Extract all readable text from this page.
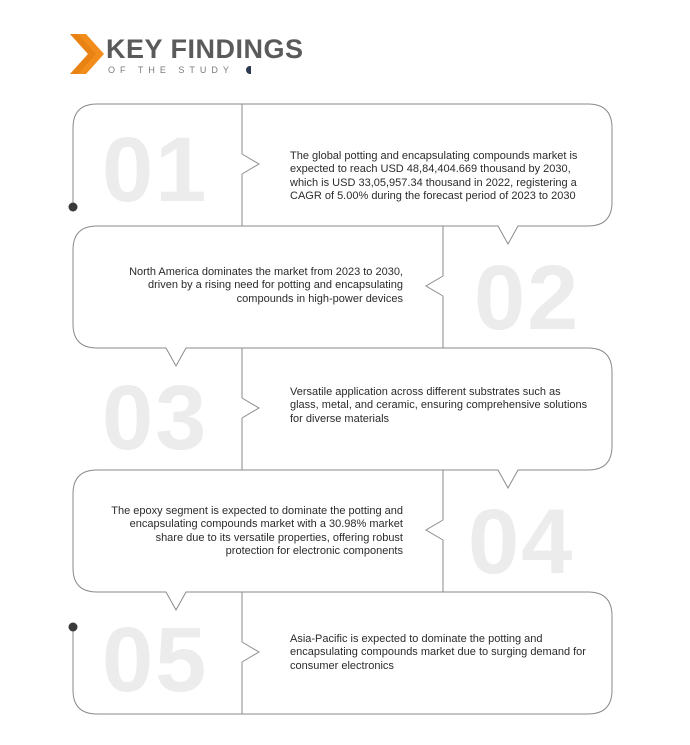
KEY FINDINGS
OF THE STUDY
01	The global potting and encapsulating compounds market is expected to reach USD 48,84,404.669 thousand by 2030, which is USD 33,05,957.34 thousand in 2022, registering a CAGR of 5.00% during the forecast period of 2023 to 2030
02
North America dominates the market from 2023 to 2030, driven by a rising need for potting and encapsulating compounds in high-power devices
03	Versatile application across different substrates such as glass, metal, and ceramic, ensuring comprehensive solutions for diverse materials
04
The epoxy segment is expected to dominate the potting and encapsulating compounds market with a 30.98% market share due to its versatile properties, offering robust protection for electronic components
05	Asia-Pacific is expected to dominate the potting and encapsulating compounds market due to surging demand for consumer electronics
